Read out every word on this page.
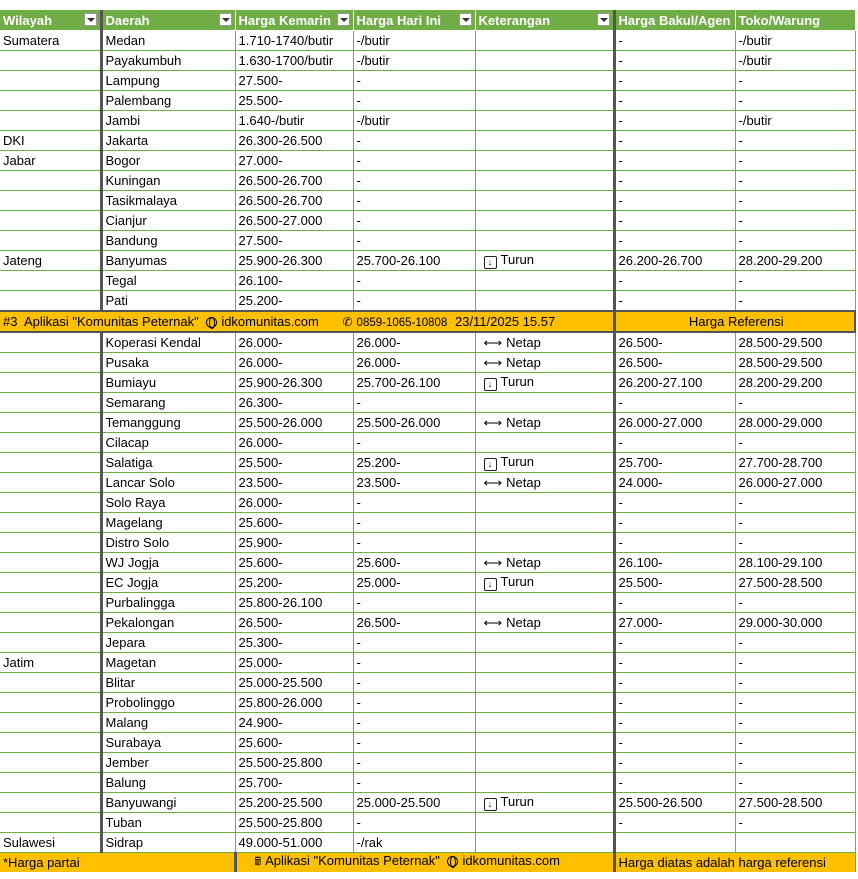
Wilayah	Daerah	Harga Kemarin	Harga Hari Ini	Keterangan	Harga Bakul/Agen	Toko/Warung
Sumatera	Medan	1.710-1740/butir	-/butir		-	-/butir
	Payakumbuh	1.630-1700/butir	-/butir		-	-/butir
	Lampung	27.500-	-		-	-
	Palembang	25.500-	-		-	-
	Jambi	1.640-/butir	-/butir		-	-/butir
DKI	Jakarta	26.300-26.500	-		-	-
Jabar	Bogor	27.000-	-		-	-
	Kuningan	26.500-26.700	-		-	-
	Tasikmalaya	26.500-26.700	-		-	-
	Cianjur	26.500-27.000	-		-	-
	Bandung	27.500-	-		-	-
Jateng	Banyumas	25.900-26.300	25.700-26.100	↓ Turun	26.200-26.700	28.200-29.200
	Tegal	26.100-	-		-	-
	Pati	25.200-	-		-	-
#3 Aplikasi "Komunitas Peternak" idkomunitas.com ✆ 0859-1065-10808 23/11/2025 15.57					Harga Referensi	
	Koperasi Kendal	26.000-	26.000-	⟷ Netap	26.500-	28.500-29.500
	Pusaka	26.000-	26.000-	⟷ Netap	26.500-	28.500-29.500
	Bumiayu	25.900-26.300	25.700-26.100	↓ Turun	26.200-27.100	28.200-29.200
	Semarang	26.300-	-		-	-
	Temanggung	25.500-26.000	25.500-26.000	⟷ Netap	26.000-27.000	28.000-29.000
	Cilacap	26.000-	-		-	-
	Salatiga	25.500-	25.200-	↓ Turun	25.700-	27.700-28.700
	Lancar Solo	23.500-	23.500-	⟷ Netap	24.000-	26.000-27.000
	Solo Raya	26.000-	-		-	-
	Magelang	25.600-	-		-	-
	Distro Solo	25.900-	-		-	-
	WJ Jogja	25.600-	25.600-	⟷ Netap	26.100-	28.100-29.100
	EC Jogja	25.200-	25.000-	↓ Turun	25.500-	27.500-28.500
	Purbalingga	25.800-26.100	-		-	-
	Pekalongan	26.500-	26.500-	⟷ Netap	27.000-	29.000-30.000
	Jepara	25.300-	-		-	-
Jatim	Magetan	25.000-	-		-	-
	Blitar	25.000-25.500	-		-	-
	Probolinggo	25.800-26.000	-		-	-
	Malang	24.900-	-		-	-
	Surabaya	25.600-	-		-	-
	Jember	25.500-25.800	-		-	-
	Balung	25.700-	-		-	-
	Banyuwangi	25.200-25.500	25.000-25.500	↓ Turun	25.500-26.500	27.500-28.500
	Tuban	25.500-25.800	-		-	-
Sulawesi	Sidrap	49.000-51.000	-/rak			
*Harga partai		🖩 Aplikasi "Komunitas Peternak" idkomunitas.com			Harga diatas adalah harga referensi	
